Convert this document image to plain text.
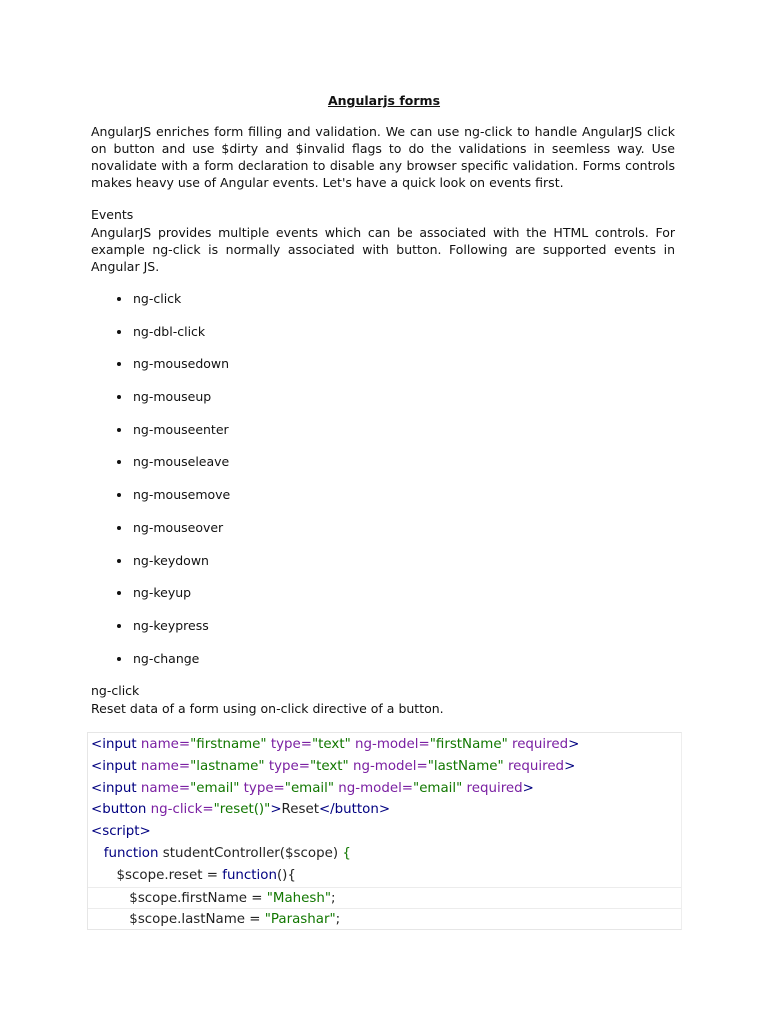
Angularjs forms

AngularJS enriches form filling and validation. We can use ng-click to handle AngularJS click on button and use $dirty and $invalid flags to do the validations in seemless way. Use novalidate with a form declaration to disable any browser specific validation. Forms controls makes heavy use of Angular events. Let's have a quick look on events first.

Events

AngularJS provides multiple events which can be associated with the HTML controls. For example ng-click is normally associated with button. Following are supported events in Angular JS.

ng-click
ng-dbl-click
ng-mousedown
ng-mouseup
ng-mouseenter
ng-mouseleave
ng-mousemove
ng-mouseover
ng-keydown
ng-keyup
ng-keypress
ng-change

ng-click

Reset data of a form using on-click directive of a button.

<input name="firstname" type="text" ng-model="firstName" required>
<input name="lastname" type="text" ng-model="lastName" required>
<input name="email" type="email" ng-model="email" required>
<button ng-click="reset()">Reset</button>
<script>
function studentController($scope) {
$scope.reset = function(){
$scope.firstName = "Mahesh";
$scope.lastName = "Parashar";
